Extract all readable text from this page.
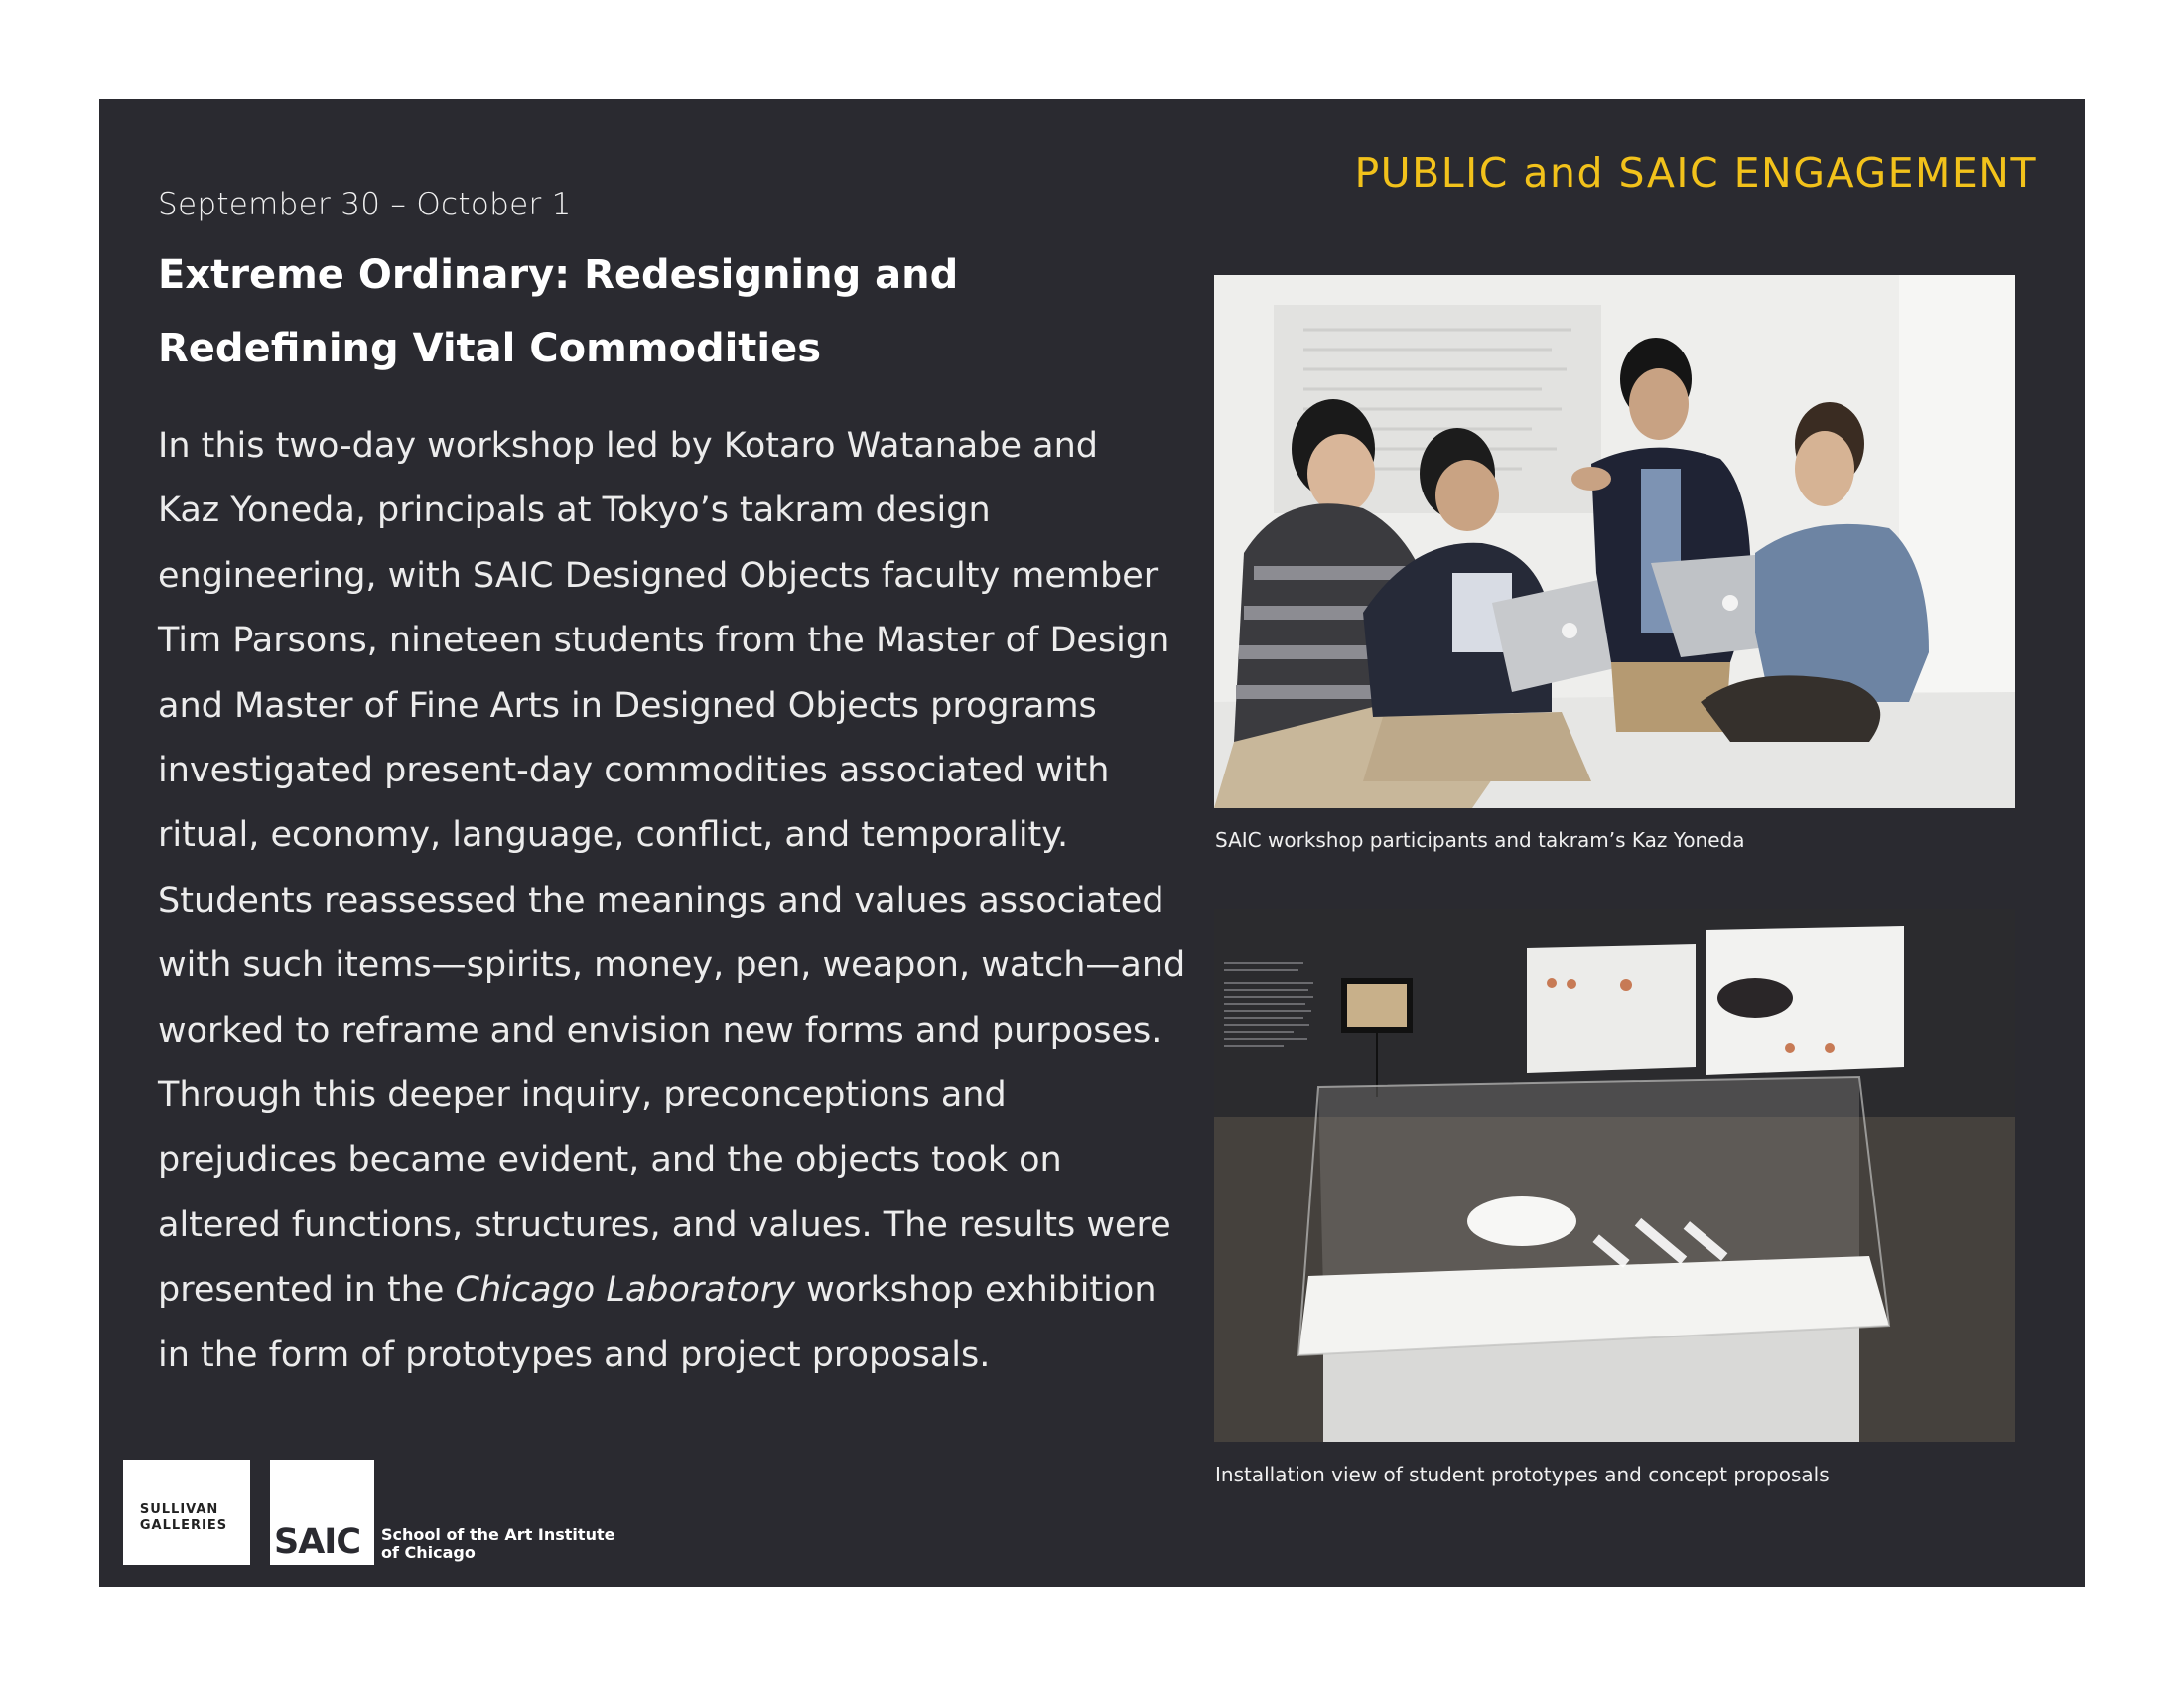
September 30 – October 1
PUBLIC and SAIC ENGAGEMENT
Extreme Ordinary: Redesigning and
Redefining Vital Commodities
In this two-day workshop led by Kotaro Watanabe and
Kaz Yoneda, principals at Tokyo’s takram design
engineering, with SAIC Designed Objects faculty member
Tim Parsons, nineteen students from the Master of Design
and Master of Fine Arts in Designed Objects programs
investigated present-day commodities associated with
ritual, economy, language, conflict, and temporality.
Students reassessed the meanings and values associated
with such items—spirits, money, pen, weapon, watch—and
worked to reframe and envision new forms and purposes.
Through this deeper inquiry, preconceptions and
prejudices became evident, and the objects took on
altered functions, structures, and values. The results were
presented in the Chicago Laboratory workshop exhibition
in the form of prototypes and project proposals.
SAIC workshop participants and takram’s Kaz Yoneda
Installation view of student prototypes and concept proposals
SULLIVAN
GALLERIES SAIC School of the Art Institute
of Chicago
